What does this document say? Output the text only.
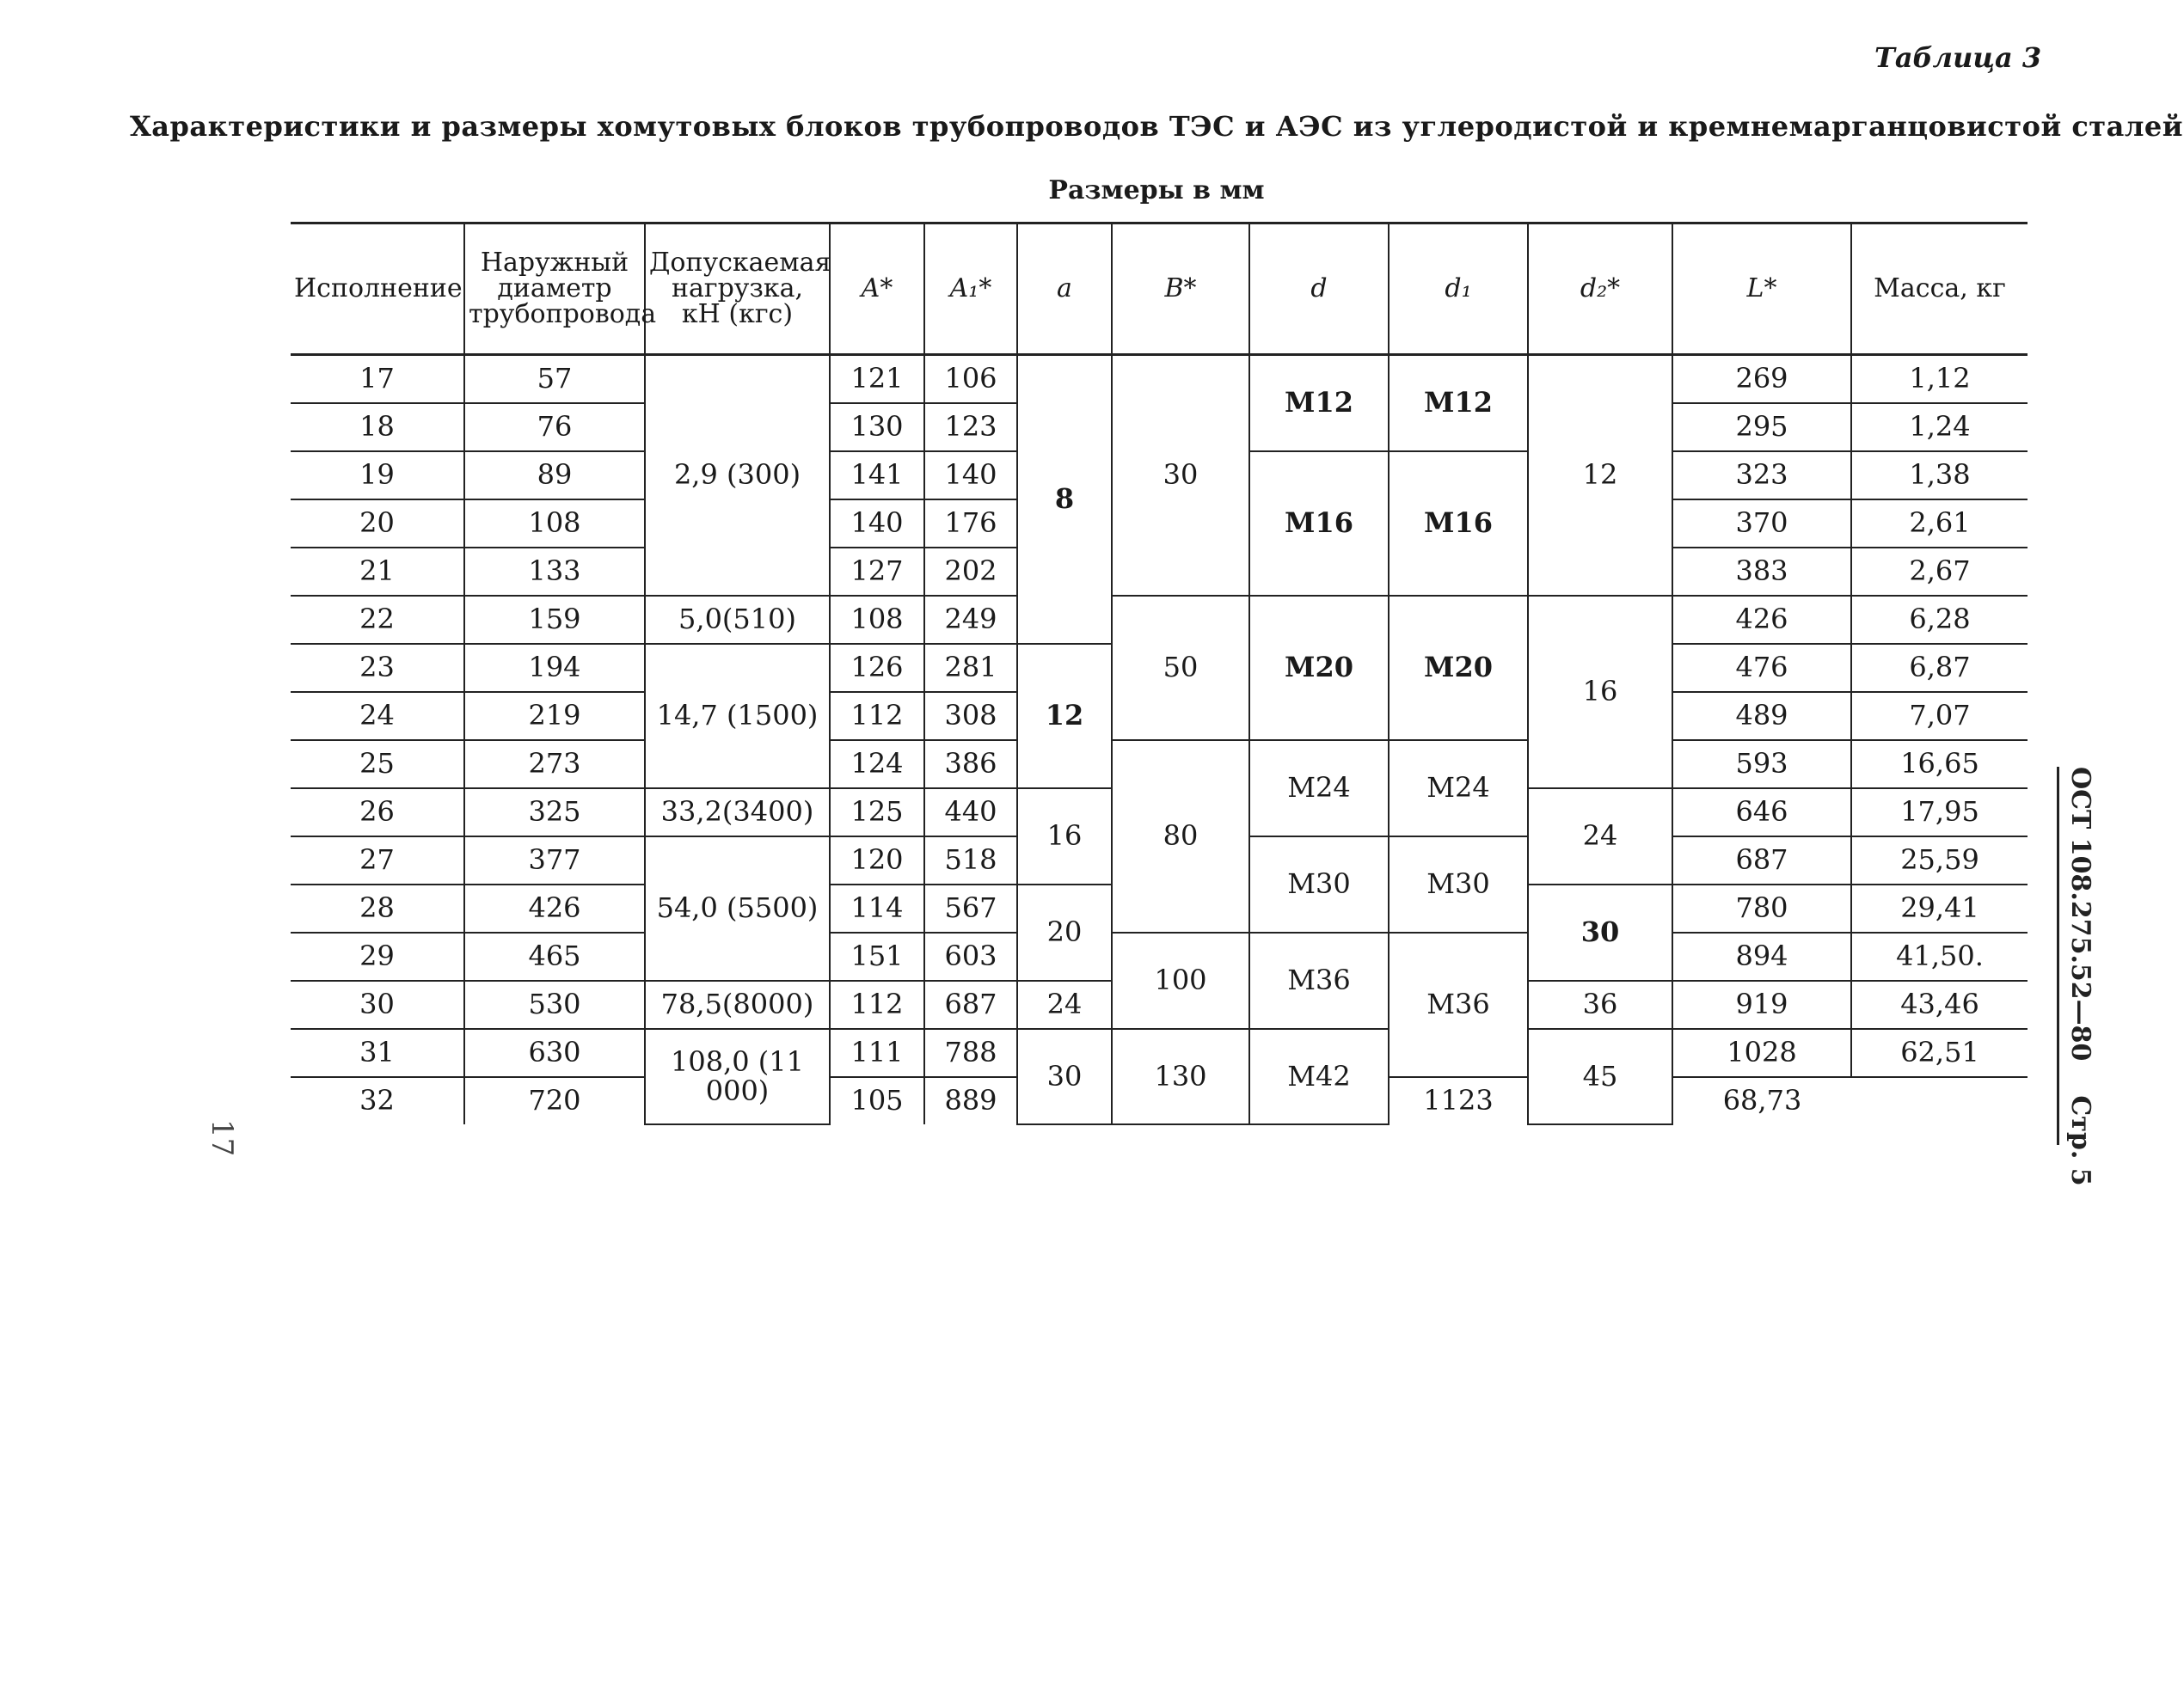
Таблица 3
Характеристики и размеры хомутовых блоков трубопроводов ТЭС и АЭС из углеродистой и кремнемарганцовистой сталей
Размеры в мм
ОСТ 108.275.52—80
Стр. 5
17
Исполнение	Наружный диаметр трубопровода	Допускаемая нагрузка, кН (кгс)	A*	A₁*	a	B*	d	d₁	d₂*	L*	Масса, кг
17	57	2,9 (300)	121	106	8	30	М12	М12	12	269	1,12
18	76		130	123						295	1,24
19	89		141	140			М16	М16		323	1,38
20	108		140	176						370	2,61
21	133		127	202						383	2,67
22	159	5,0(510)	108	249		50	М20	М20	16	426	6,28
23	194	14,7 (1500)	126	281	12					476	6,87
24	219		112	308						489	7,07
25	273		124	386		80	М24	М24		593	16,65
26	325	33,2(3400)	125	440	16				24	646	17,95
27	377	54,0 (5500)	120	518			М30	М30		687	25,59
28	426		114	567	20				30	780	29,41
29	465		151	603		100	М36	М36		894	41,50.
30	530	78,5(8000)	112	687	24				36	919	43,46
31	630	108,0 (11 000)	111	788	30	130	М42		45	1028	62,51
32	720		105	889				1123		68,73	
